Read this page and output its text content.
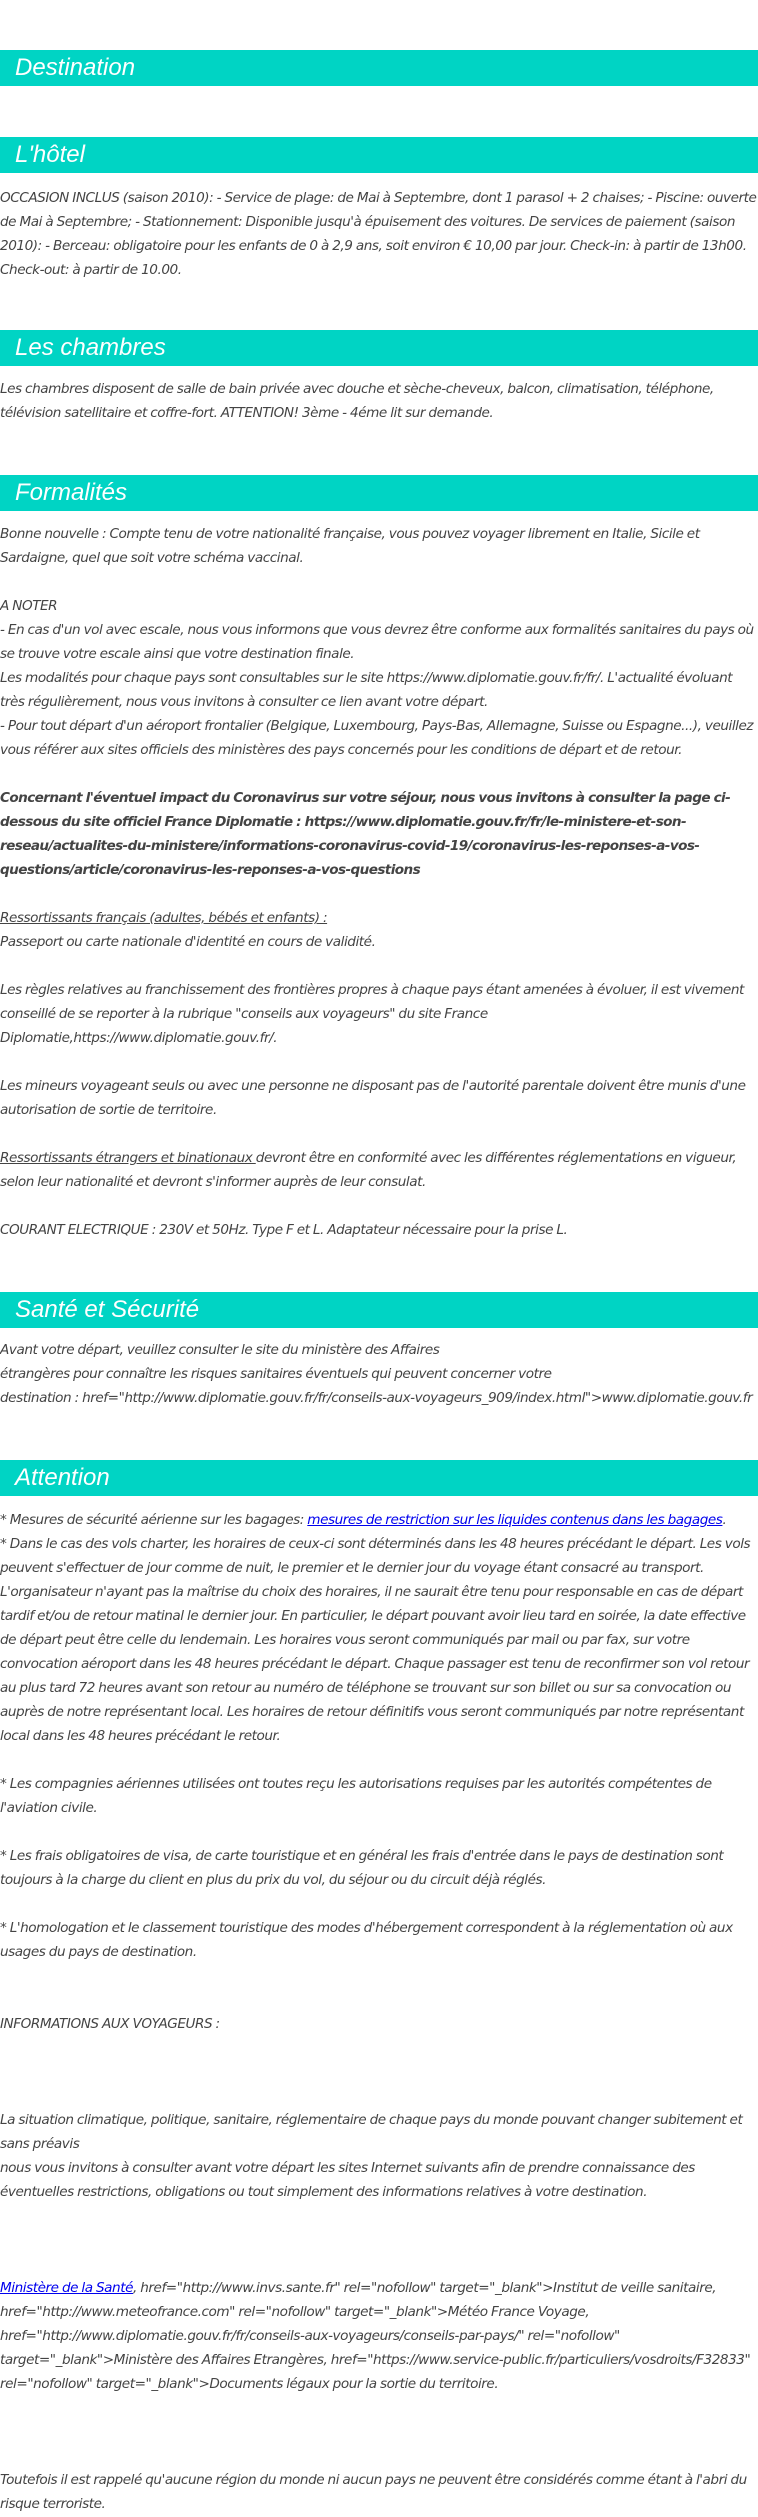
Destination
L'hôtel
OCCASION INCLUS (saison 2010): - Service de plage: de Mai à Septembre, dont 1 parasol + 2 chaises; - Piscine: ouverte de Mai à Septembre; - Stationnement: Disponible jusqu'à épuisement des voitures. De services de paiement (saison 2010): - Berceau: obligatoire pour les enfants de 0 à 2,9 ans, soit environ € 10,00 par jour. Check-in: à partir de 13h00. Check-out: à partir de 10.00.
Les chambres
Les chambres disposent de salle de bain privée avec douche et sèche-cheveux, balcon, climatisation, téléphone, télévision satellitaire et coffre-fort. ATTENTION! 3ème - 4éme lit sur demande.
Formalités
Bonne nouvelle : Compte tenu de votre nationalité française, vous pouvez voyager librement en Italie, Sicile et Sardaigne, quel que soit votre schéma vaccinal.
A NOTER
- En cas d'un vol avec escale, nous vous informons que vous devrez être conforme aux formalités sanitaires du pays où se trouve votre escale ainsi que votre destination finale.
Les modalités pour chaque pays sont consultables sur le site https://www.diplomatie.gouv.fr/fr/. L'actualité évoluant très régulièrement, nous vous invitons à consulter ce lien avant votre départ.
- Pour tout départ d'un aéroport frontalier (Belgique, Luxembourg, Pays-Bas, Allemagne, Suisse ou Espagne...), veuillez vous référer aux sites officiels des ministères des pays concernés pour les conditions de départ et de retour.
Concernant l'éventuel impact du Coronavirus sur votre séjour, nous vous invitons à consulter la page ci-dessous du site officiel France Diplomatie : https://www.diplomatie.gouv.fr/fr/le-ministere-et-son-reseau/actualites-du-ministere/informations-coronavirus-covid-19/coronavirus-les-reponses-a-vos-questions/article/coronavirus-les-reponses-a-vos-questions
Ressortissants français (adultes, bébés et enfants) :
Passeport ou carte nationale d'identité en cours de validité.
Les règles relatives au franchissement des frontières propres à chaque pays étant amenées à évoluer, il est vivement conseillé de se reporter à la rubrique "conseils aux voyageurs" du site France Diplomatie,https://www.diplomatie.gouv.fr/.
Les mineurs voyageant seuls ou avec une personne ne disposant pas de l'autorité parentale doivent être munis d'une autorisation de sortie de territoire.
Ressortissants étrangers et binationaux devront être en conformité avec les différentes réglementations en vigueur, selon leur nationalité et devront s'informer auprès de leur consulat.
COURANT ELECTRIQUE : 230V et 50Hz. Type F et L. Adaptateur nécessaire pour la prise L.
Santé et Sécurité
Avant votre départ, veuillez consulter le site du ministère des Affaires
étrangères pour connaître les risques sanitaires éventuels qui peuvent concerner votre
destination : href="http://www.diplomatie.gouv.fr/fr/conseils-aux-voyageurs_909/index.html">www.diplomatie.gouv.fr
Attention
* Mesures de sécurité aérienne sur les bagages: mesures de restriction sur les liquides contenus dans les bagages.
* Dans le cas des vols charter, les horaires de ceux-ci sont déterminés dans les 48 heures précédant le départ. Les vols peuvent s'effectuer de jour comme de nuit, le premier et le dernier jour du voyage étant consacré au transport. L'organisateur n'ayant pas la maîtrise du choix des horaires, il ne saurait être tenu pour responsable en cas de départ tardif et/ou de retour matinal le dernier jour. En particulier, le départ pouvant avoir lieu tard en soirée, la date effective de départ peut être celle du lendemain. Les horaires vous seront communiqués par mail ou par fax, sur votre convocation aéroport dans les 48 heures précédant le départ. Chaque passager est tenu de reconfirmer son vol retour au plus tard 72 heures avant son retour au numéro de téléphone se trouvant sur son billet ou sur sa convocation ou auprès de notre représentant local. Les horaires de retour définitifs vous seront communiqués par notre représentant local dans les 48 heures précédant le retour.
* Les compagnies aériennes utilisées ont toutes reçu les autorisations requises par les autorités compétentes de l'aviation civile.
* Les frais obligatoires de visa, de carte touristique et en général les frais d'entrée dans le pays de destination sont toujours à la charge du client en plus du prix du vol, du séjour ou du circuit déjà réglés.
* L'homologation et le classement touristique des modes d'hébergement correspondent à la réglementation où aux usages du pays de destination.
INFORMATIONS AUX VOYAGEURS :
La situation climatique, politique, sanitaire, réglementaire de chaque pays du monde pouvant changer subitement et sans préavis
nous vous invitons à consulter avant votre départ les sites Internet suivants afin de prendre connaissance des éventuelles restrictions, obligations ou tout simplement des informations relatives à votre destination.
Ministère de la Santé, href="http://www.invs.sante.fr" rel="nofollow" target="_blank">Institut de veille sanitaire, href="http://www.meteofrance.com" rel="nofollow" target="_blank">Météo France Voyage, href="http://www.diplomatie.gouv.fr/fr/conseils-aux-voyageurs/conseils-par-pays/" rel="nofollow" target="_blank">Ministère des Affaires Etrangères, href="https://www.service-public.fr/particuliers/vosdroits/F32833" rel="nofollow" target="_blank">Documents légaux pour la sortie du territoire.
Toutefois il est rappelé qu'aucune région du monde ni aucun pays ne peuvent être considérés comme étant à l'abri du risque terroriste.
